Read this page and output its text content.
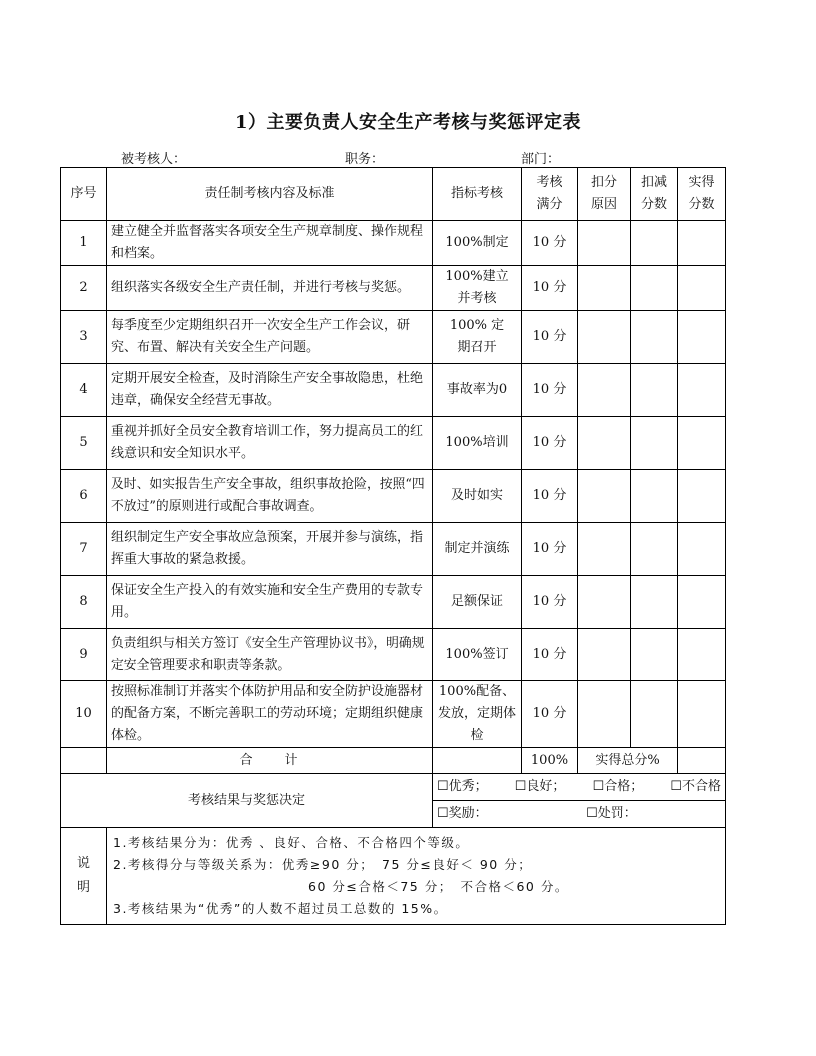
1）主要负责人安全生产考核与奖惩评定表
被考核人：	职务：	部门：
序号	责任制考核内容及标准	指标考核	考核满分	扣分原因	扣减分数	实得分数
1	建立健全并监督落实各项安全生产规章制度、操作规程和档案。	100%制定	10 分			
2	组织落实各级安全生产责任制，并进行考核与奖惩。	100%建立并考核	10 分			
3	每季度至少定期组织召开一次安全生产工作会议，研究、布置、解决有关安全生产问题。	100% 定期召开	10 分			
4	定期开展安全检查，及时消除生产安全事故隐患，杜绝违章，确保安全经营无事故。	事故率为0	10 分			
5	重视并抓好全员安全教育培训工作，努力提高员工的红线意识和安全知识水平。	100%培训	10 分			
6	及时、如实报告生产安全事故，组织事故抢险，按照“四不放过”的原则进行或配合事故调查。	及时如实	10 分			
7	组织制定生产安全事故应急预案，开展并参与演练，指挥重大事故的紧急救援。	制定并演练	10 分			
8	保证安全生产投入的有效实施和安全生产费用的专款专用。	足额保证	10 分			
9	负责组织与相关方签订《安全生产管理协议书》，明确规定安全管理要求和职责等条款。	100%签订	10 分			
10	按照标准制订并落实个体防护用品和安全防护设施器材的配备方案，不断完善职工的劳动环境；定期组织健康体检。	100%配备、发放，定期体检	10 分			
	合　　计		100%	实得总分%		
考核结果与奖惩决定		☐优秀； ☐良好； ☐合格； ☐不合格				

		☐奖励： ☐处罚：				
说明	1.考核结果分为：优秀 、良好、合格、不合格四个等级。
2.考核得分与等级关系为：优秀≥90 分；　75 分≤良好＜ 90 分；
60 分≤合格＜75 分；　不合格＜60 分。
3.考核结果为“优秀”的人数不超过员工总数的 15%。					
